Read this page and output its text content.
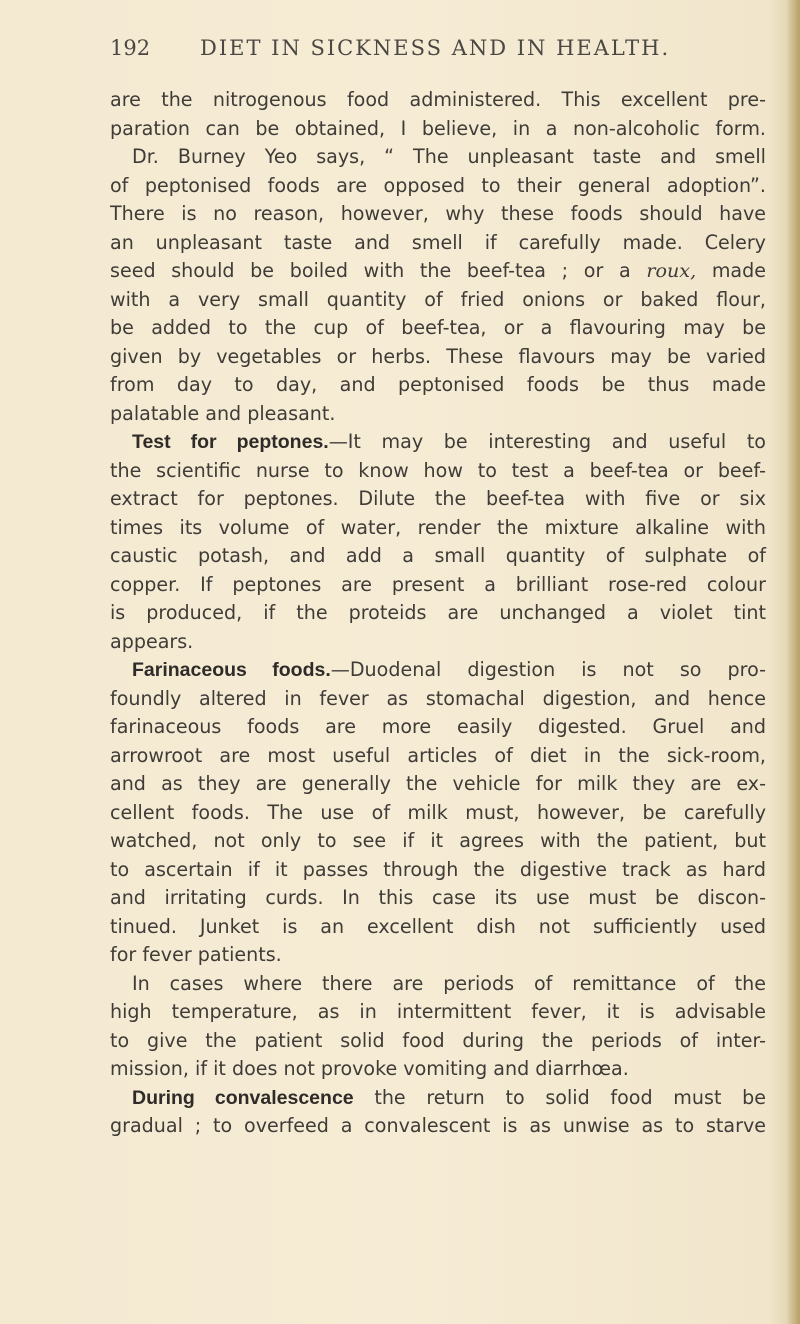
192 DIET IN SICKNESS AND IN HEALTH.
are the nitrogenous food administered. This excellent pre-
paration can be obtained, I believe, in a non-alcoholic form.
Dr. Burney Yeo says, “ The unpleasant taste and smell
of peptonised foods are opposed to their general adoption”.
There is no reason, however, why these foods should have
an unpleasant taste and smell if carefully made. Celery
seed should be boiled with the beef-tea ; or a roux, made
with a very small quantity of fried onions or baked flour,
be added to the cup of beef-tea, or a flavouring may be
given by vegetables or herbs. These flavours may be varied
from day to day, and peptonised foods be thus made
palatable and pleasant.
Test for peptones.—It may be interesting and useful to
the scientific nurse to know how to test a beef-tea or beef-
extract for peptones. Dilute the beef-tea with five or six
times its volume of water, render the mixture alkaline with
caustic potash, and add a small quantity of sulphate of
copper. If peptones are present a brilliant rose-red colour
is produced, if the proteids are unchanged a violet tint
appears.
Farinaceous foods.—Duodenal digestion is not so pro-
foundly altered in fever as stomachal digestion, and hence
farinaceous foods are more easily digested. Gruel and
arrowroot are most useful articles of diet in the sick-room,
and as they are generally the vehicle for milk they are ex-
cellent foods. The use of milk must, however, be carefully
watched, not only to see if it agrees with the patient, but
to ascertain if it passes through the digestive track as hard
and irritating curds. In this case its use must be discon-
tinued. Junket is an excellent dish not sufficiently used
for fever patients.
In cases where there are periods of remittance of the
high temperature, as in intermittent fever, it is advisable
to give the patient solid food during the periods of inter-
mission, if it does not provoke vomiting and diarrhœa.
During convalescence the return to solid food must be
gradual ; to overfeed a convalescent is as unwise as to starve
